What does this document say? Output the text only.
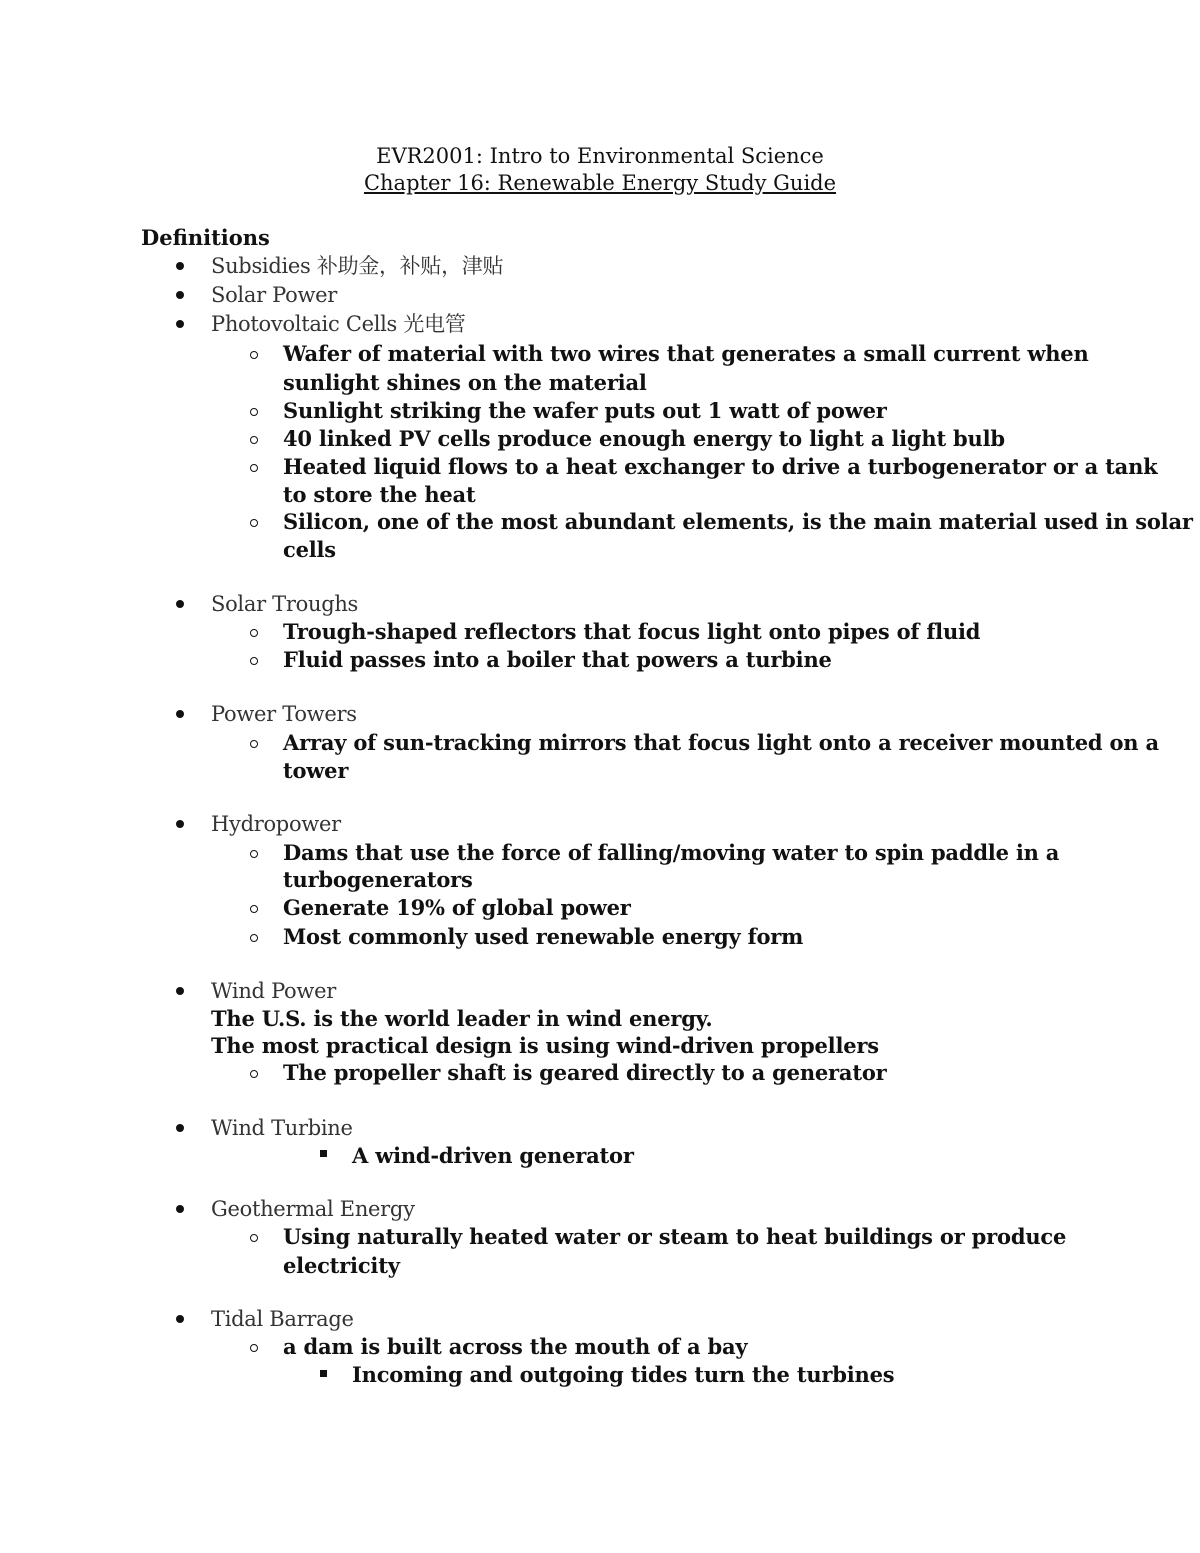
EVR2001: Intro to Environmental Science
Chapter 16: Renewable Energy Study Guide
Definitions
Subsidies 补助金，补贴，津贴
Solar Power
Photovoltaic Cells 光电管
Wafer of material with two wires that generates a small current when
sunlight shines on the material
Sunlight striking the wafer puts out 1 watt of power
40 linked PV cells produce enough energy to light a light bulb
Heated liquid flows to a heat exchanger to drive a turbogenerator or a tank
to store the heat
Silicon, one of the most abundant elements, is the main material used in solar
cells
Solar Troughs
Trough-shaped reflectors that focus light onto pipes of fluid
Fluid passes into a boiler that powers a turbine
Power Towers
Array of sun-tracking mirrors that focus light onto a receiver mounted on a
tower
Hydropower
Dams that use the force of falling/moving water to spin paddle in a
turbogenerators
Generate 19% of global power
Most commonly used renewable energy form
Wind Power
The U.S. is the world leader in wind energy.
The most practical design is using wind-driven propellers
The propeller shaft is geared directly to a generator
Wind Turbine
A wind-driven generator
Geothermal Energy
Using naturally heated water or steam to heat buildings or produce
electricity
Tidal Barrage
a dam is built across the mouth of a bay
Incoming and outgoing tides turn the turbines
